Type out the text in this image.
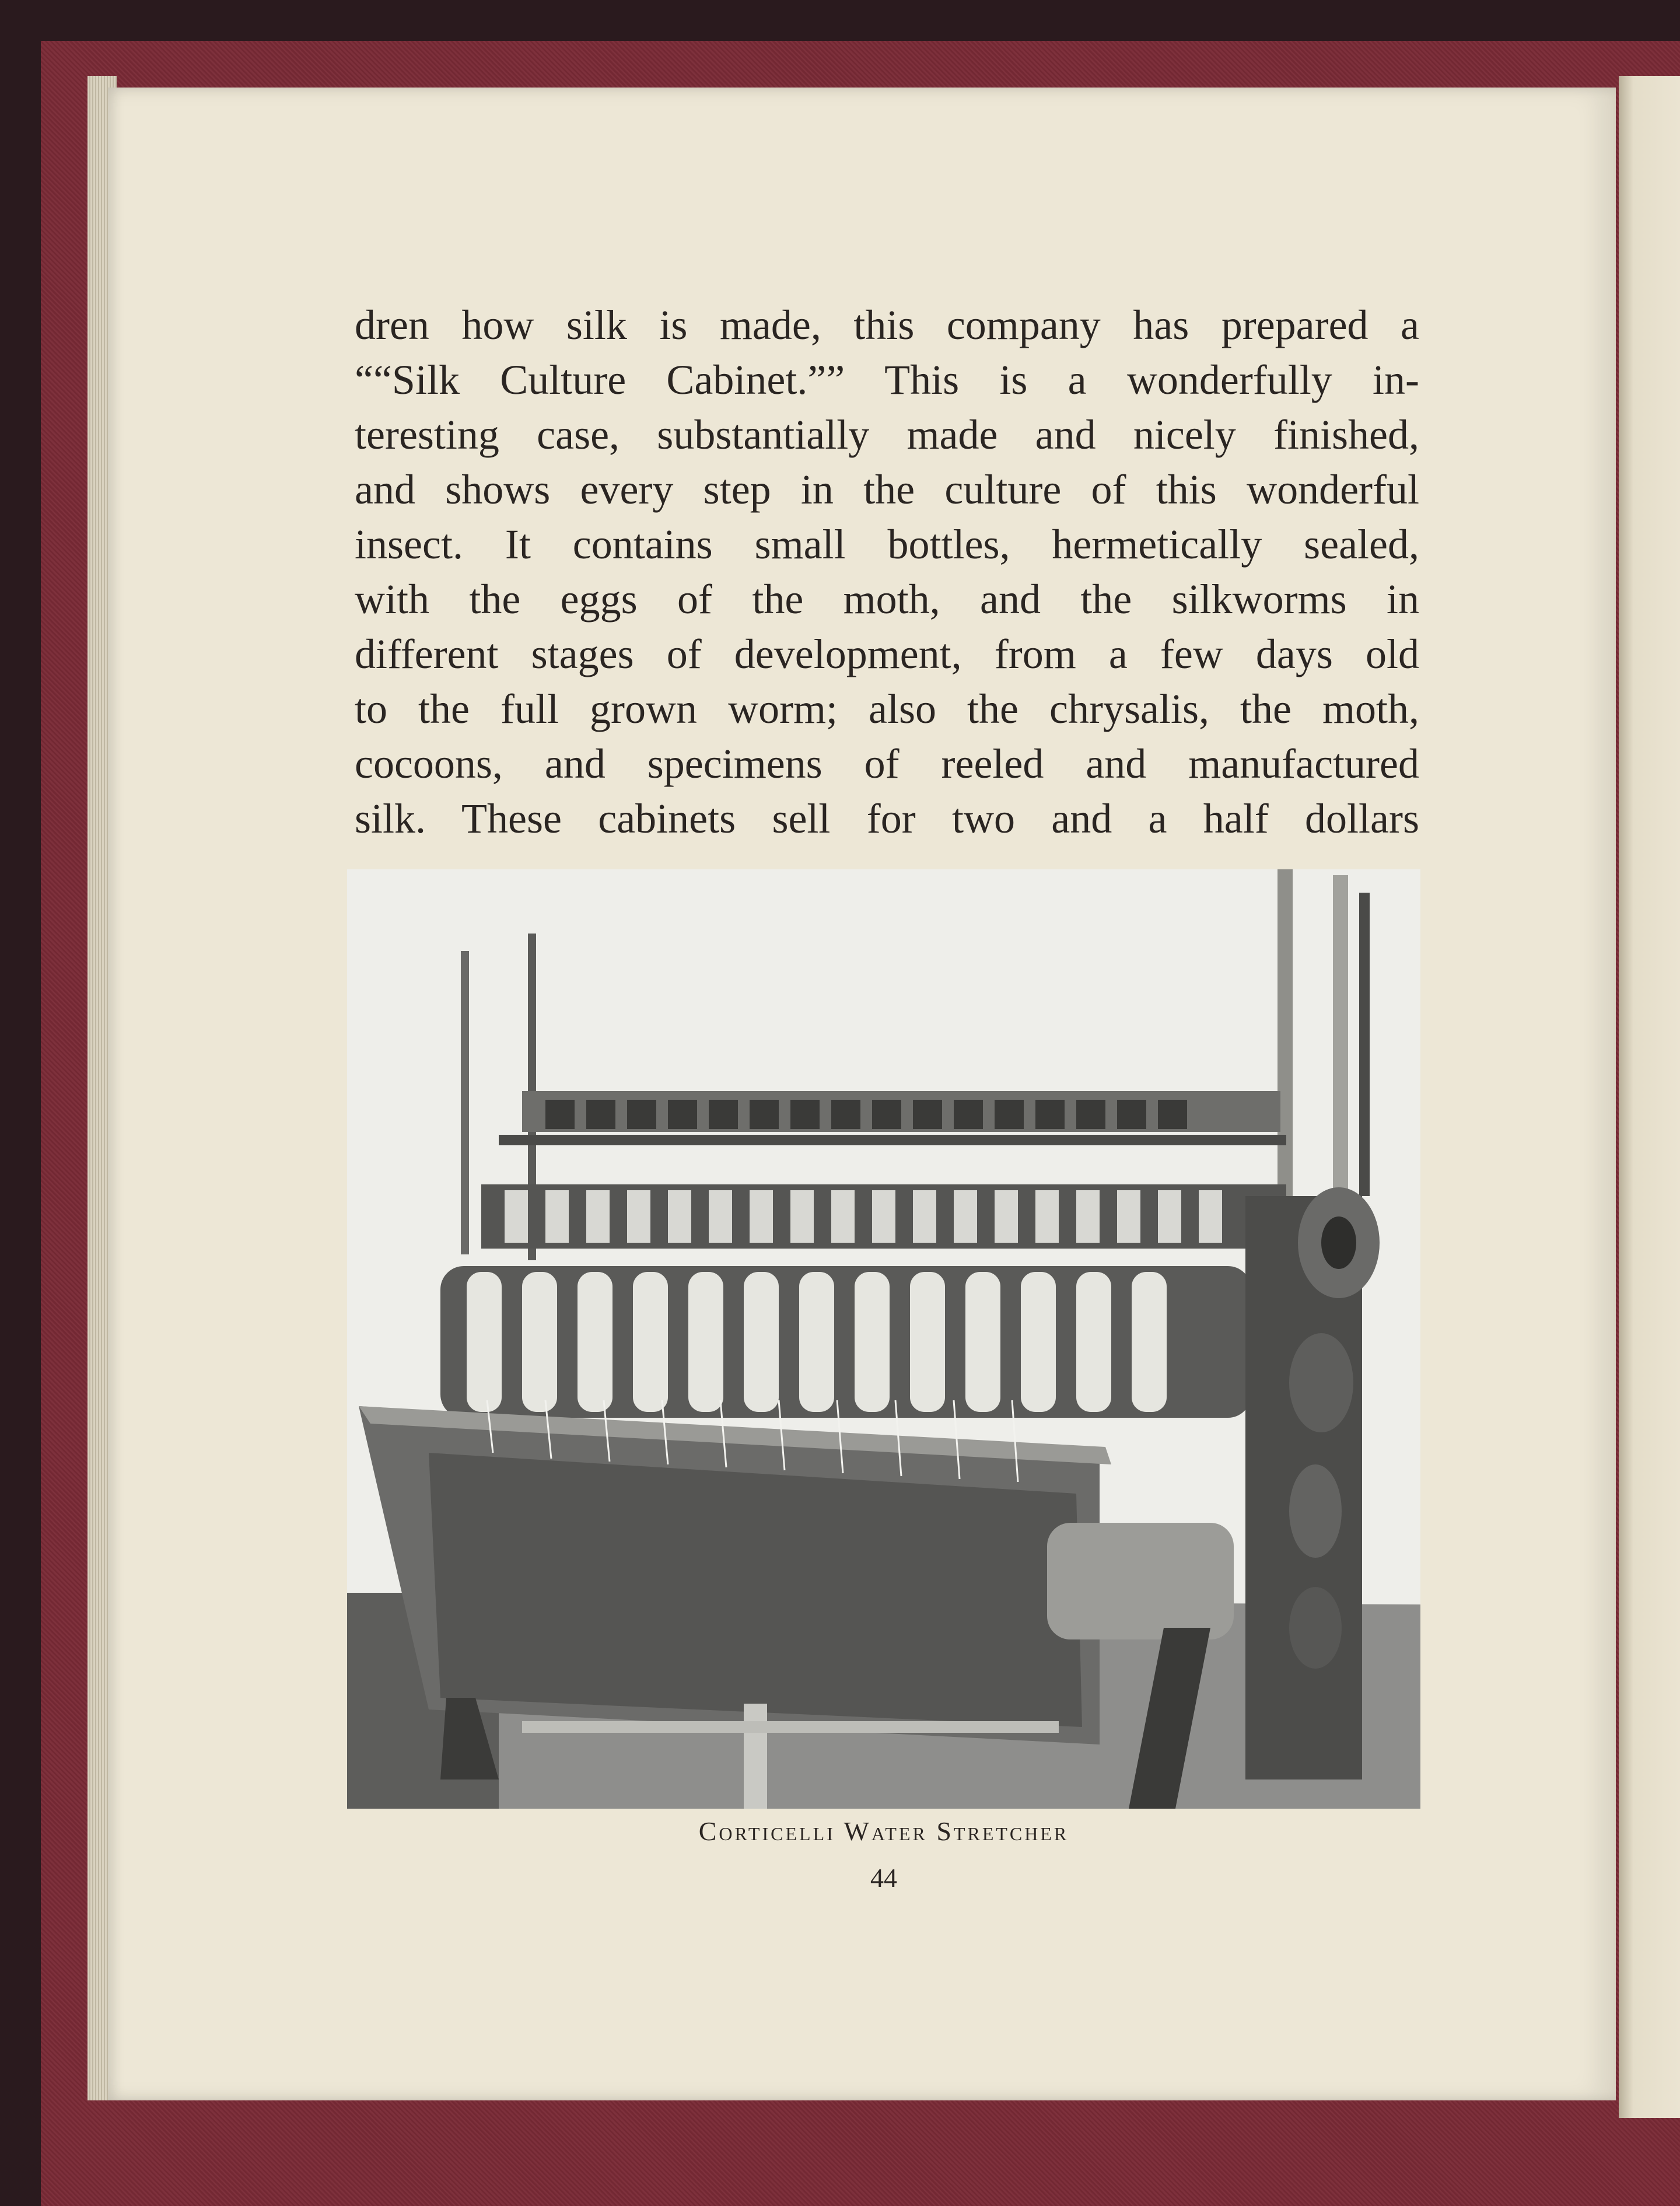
dren how silk is made, this company has prepared a
““Silk Culture Cabinet.”” This is a wonderfully in-
teresting case, substantially made and nicely finished,
and shows every step in the culture of this wonderful
insect. It contains small bottles, hermetically sealed,
with the eggs of the moth, and the silkworms in
different stages of development, from a few days old
to the full grown worm; also the chrysalis, the moth,
cocoons, and specimens of reeled and manufactured
silk. These cabinets sell for two and a half dollars
Corticelli Water Stretcher
44
